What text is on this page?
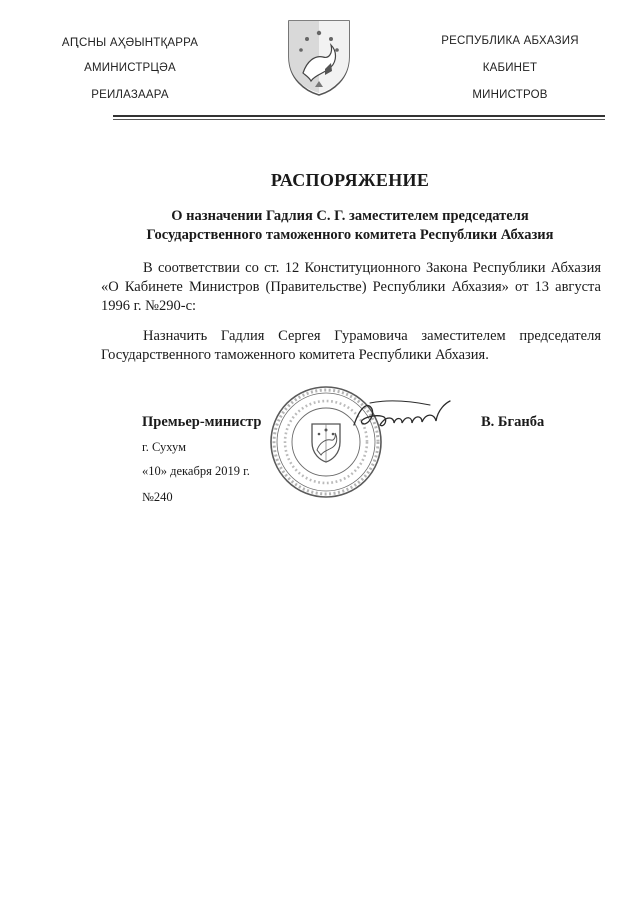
АԤСНЫ АҲӘЫНТҚАРРА
АМИНИСТРЦӘА
РЕИЛАЗААРА
РЕСПУБЛИКА АБХАЗИЯ
КАБИНЕТ
МИНИСТРОВ
РАСПОРЯЖЕНИЕ
О назначении Гадлия С. Г. заместителем председателя
Государственного таможенного комитета Республики Абхазия
В соответствии со ст. 12 Конституционного Закона Республики Абхазия «О Кабинете Министров (Правительстве) Республики Абхазия» от 13 августа 1996 г. №290-с:
Назначить Гадлия Сергея Гурамовича заместителем председателя Государственного таможенного комитета Республики Абхазия.
Премьер-министр	В. Бганба
г. Сухум
«10» декабря 2019 г.
№240
